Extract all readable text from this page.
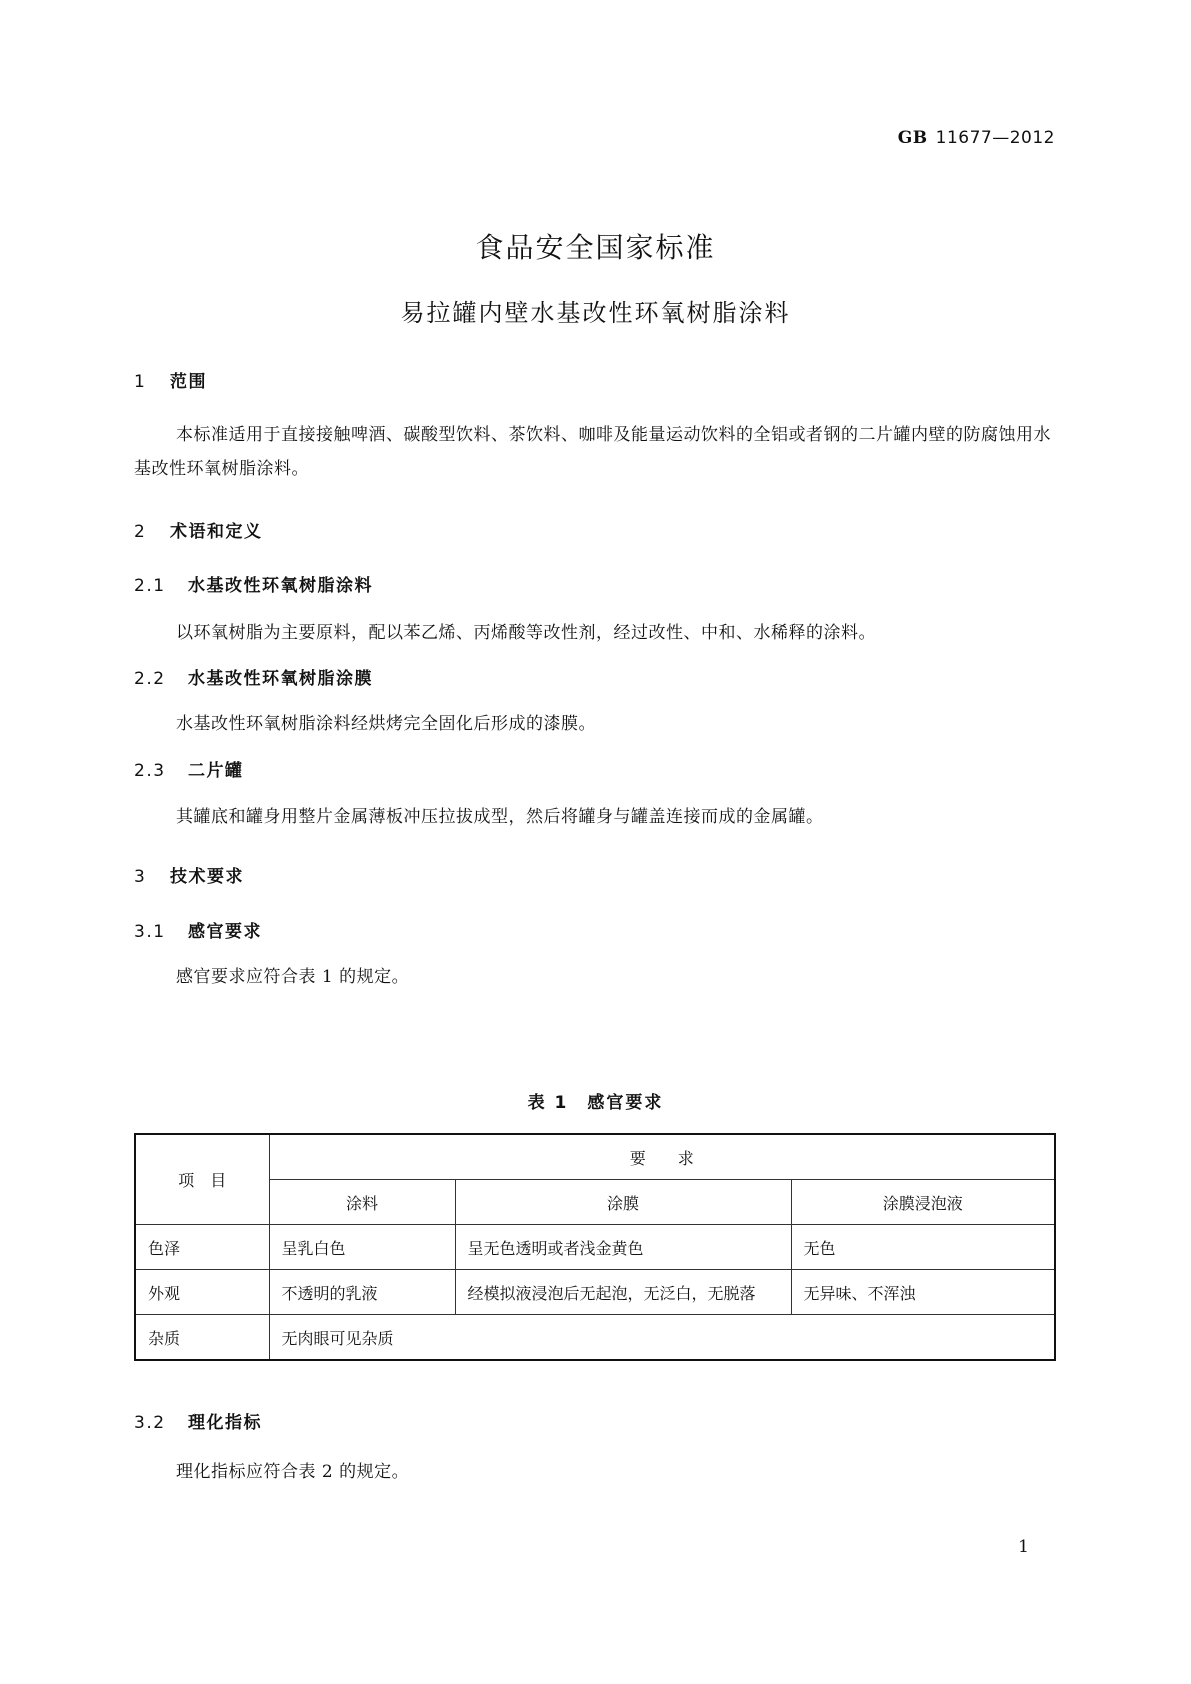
GB 11677—2012
食品安全国家标准
易拉罐内壁水基改性环氧树脂涂料
1 范围
本标准适用于直接接触啤酒、碳酸型饮料、茶饮料、咖啡及能量运动饮料的全铝或者钢的二片罐内壁的防腐蚀用水基改性环氧树脂涂料。
2 术语和定义
2.1 水基改性环氧树脂涂料
以环氧树脂为主要原料，配以苯乙烯、丙烯酸等改性剂，经过改性、中和、水稀释的涂料。
2.2 水基改性环氧树脂涂膜
水基改性环氧树脂涂料经烘烤完全固化后形成的漆膜。
2.3 二片罐
其罐底和罐身用整片金属薄板冲压拉拔成型，然后将罐身与罐盖连接而成的金属罐。
3 技术要求
3.1 感官要求
感官要求应符合表 1 的规定。
表 1　感官要求
项　目	要　　求		
	涂料	涂膜	涂膜浸泡液
色泽	呈乳白色	呈无色透明或者浅金黄色	无色
外观	不透明的乳液	经模拟液浸泡后无起泡，无泛白，无脱落	无异味、不浑浊
杂质	无肉眼可见杂质		
3.2 理化指标
理化指标应符合表 2 的规定。
1
